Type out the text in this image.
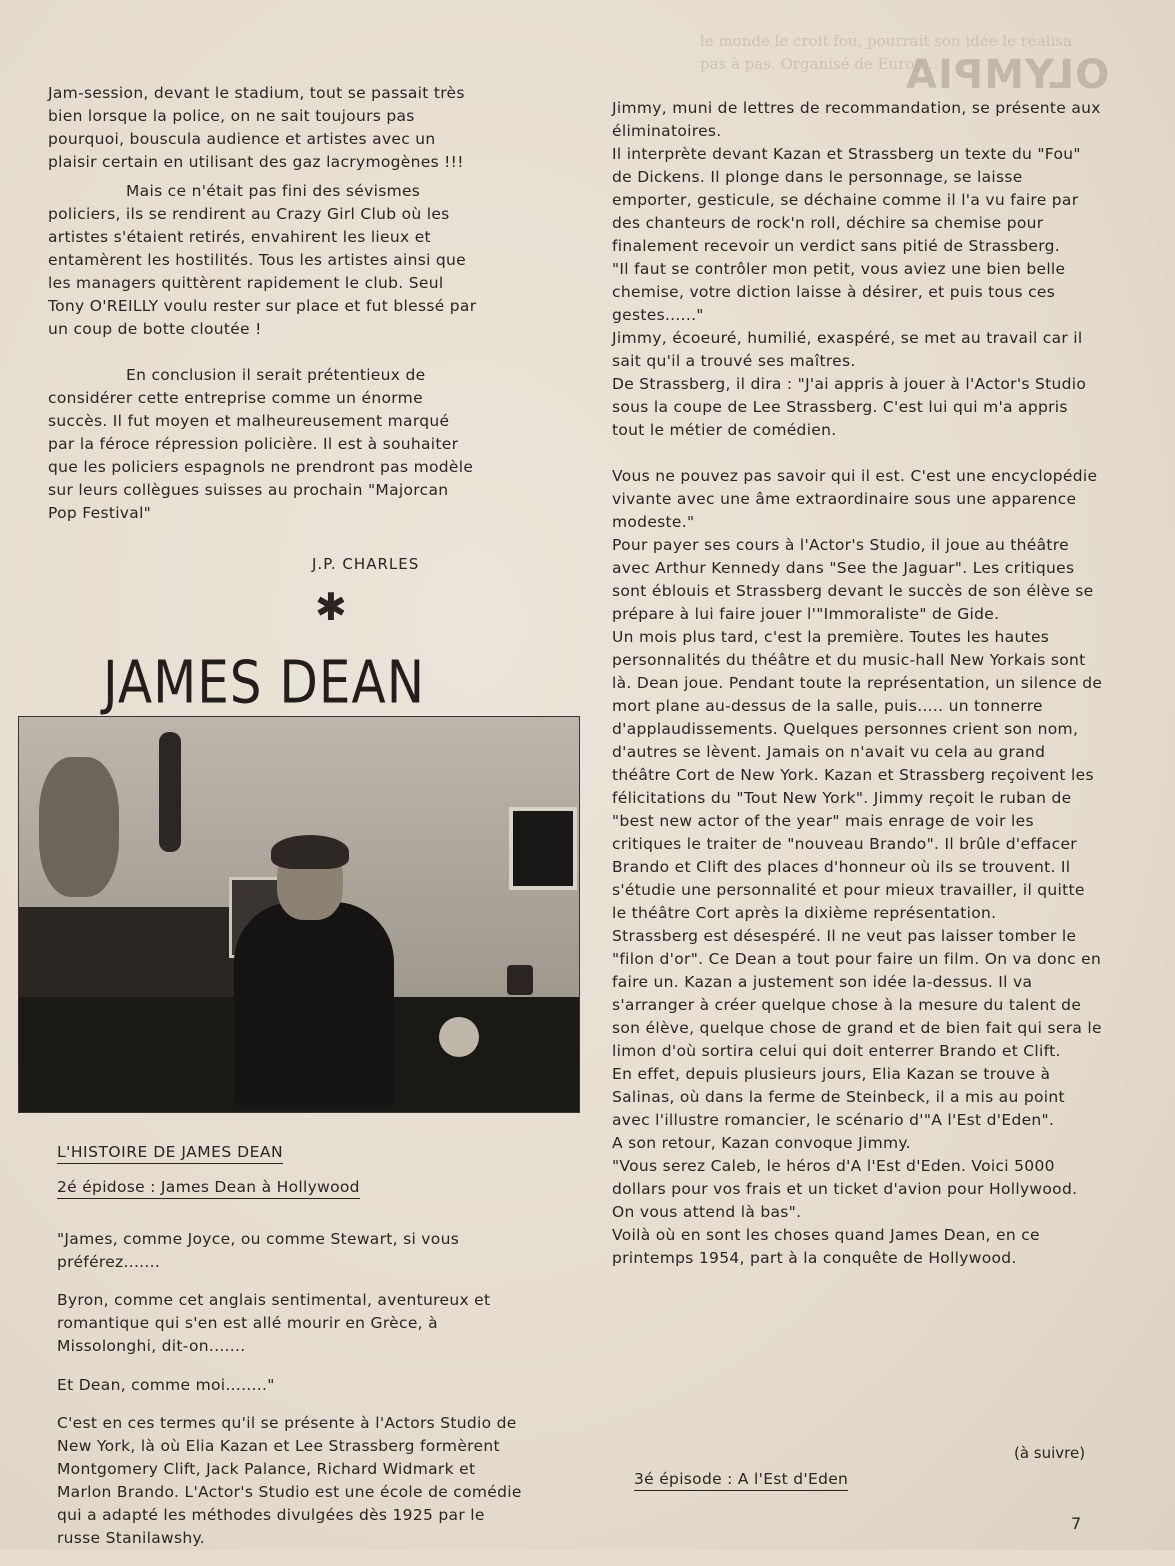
OLYMPIA
le monde le croit fou, pourrait son idée le réalisa
pas à pas. Organisé de Europ...

Jam-session, devant le stadium, tout se passait très bien lorsque la police, on ne sait toujours pas pourquoi, bouscula audience et artistes avec un plaisir certain en utilisant des gaz lacrymogènes !!!

Mais ce n'était pas fini des sévismes policiers, ils se rendirent au Crazy Girl Club où les artistes s'étaient retirés, envahirent les lieux et entamèrent les hostilités. Tous les artistes ainsi que les managers quittèrent rapidement le club. Seul Tony O'REILLY voulu rester sur place et fut blessé par un coup de botte cloutée !

En conclusion il serait prétentieux de considérer cette entreprise comme un énorme succès. Il fut moyen et malheureusement marqué par la féroce répression policière. Il est à souhaiter que les policiers espagnols ne prendront pas modèle sur leurs collègues suisses au prochain "Majorcan Pop Festival"

J.P. CHARLES
✱
JAMES DEAN
L'HISTOIRE DE JAMES DEAN
2é épidose : James Dean à Hollywood

"James, comme Joyce, ou comme Stewart, si vous préférez.......

Byron, comme cet anglais sentimental, aventureux et romantique qui s'en est allé mourir en Grèce, à Missolonghi, dit-on.......

Et Dean, comme moi........"

C'est en ces termes qu'il se présente à l'Actors Studio de New York, là où Elia Kazan et Lee Strassberg formèrent Montgomery Clift, Jack Palance, Richard Widmark et Marlon Brando. L'Actor's Studio est une école de comédie qui a adapté les méthodes divulgées dès 1925 par le russe Stanilawshy.

Jimmy, muni de lettres de recommandation, se présente aux éliminatoires.

Il interprète devant Kazan et Strassberg un texte du "Fou" de Dickens. Il plonge dans le personnage, se laisse emporter, gesticule, se déchaine comme il l'a vu faire par des chanteurs de rock'n roll, déchire sa chemise pour finalement recevoir un verdict sans pitié de Strassberg.

"Il faut se contrôler mon petit, vous aviez une bien belle chemise, votre diction laisse à désirer, et puis tous ces gestes......"

Jimmy, écoeuré, humilié, exaspéré, se met au travail car il sait qu'il a trouvé ses maîtres.

De Strassberg, il dira : "J'ai appris à jouer à l'Actor's Studio sous la coupe de Lee Strassberg. C'est lui qui m'a appris tout le métier de comédien.

Vous ne pouvez pas savoir qui il est. C'est une encyclopédie vivante avec une âme extraordinaire sous une apparence modeste."

Pour payer ses cours à l'Actor's Studio, il joue au théâtre avec Arthur Kennedy dans "See the Jaguar". Les critiques sont éblouis et Strassberg devant le succès de son élève se prépare à lui faire jouer l'"Immoraliste" de Gide.

Un mois plus tard, c'est la première. Toutes les hautes personnalités du théâtre et du music-hall New Yorkais sont là. Dean joue. Pendant toute la représentation, un silence de mort plane au-dessus de la salle, puis..... un tonnerre d'applaudissements. Quelques personnes crient son nom, d'autres se lèvent. Jamais on n'avait vu cela au grand théâtre Cort de New York. Kazan et Strassberg reçoivent les félicitations du "Tout New York". Jimmy reçoit le ruban de "best new actor of the year" mais enrage de voir les critiques le traiter de "nouveau Brando". Il brûle d'effacer Brando et Clift des places d'honneur où ils se trouvent. Il s'étudie une personnalité et pour mieux travailler, il quitte le théâtre Cort après la dixième représentation.

Strassberg est désespéré. Il ne veut pas laisser tomber le "filon d'or". Ce Dean a tout pour faire un film. On va donc en faire un. Kazan a justement son idée la-dessus. Il va s'arranger à créer quelque chose à la mesure du talent de son élève, quelque chose de grand et de bien fait qui sera le limon d'où sortira celui qui doit enterrer Brando et Clift.

En effet, depuis plusieurs jours, Elia Kazan se trouve à Salinas, où dans la ferme de Steinbeck, il a mis au point avec l'illustre romancier, le scénario d'"A l'Est d'Eden".

A son retour, Kazan convoque Jimmy.

"Vous serez Caleb, le héros d'A l'Est d'Eden. Voici 5000 dollars pour vos frais et un ticket d'avion pour Hollywood. On vous attend là bas".

Voilà où en sont les choses quand James Dean, en ce printemps 1954, part à la conquête de Hollywood.

(à suivre)
3é épisode : A l'Est d'Eden
7
